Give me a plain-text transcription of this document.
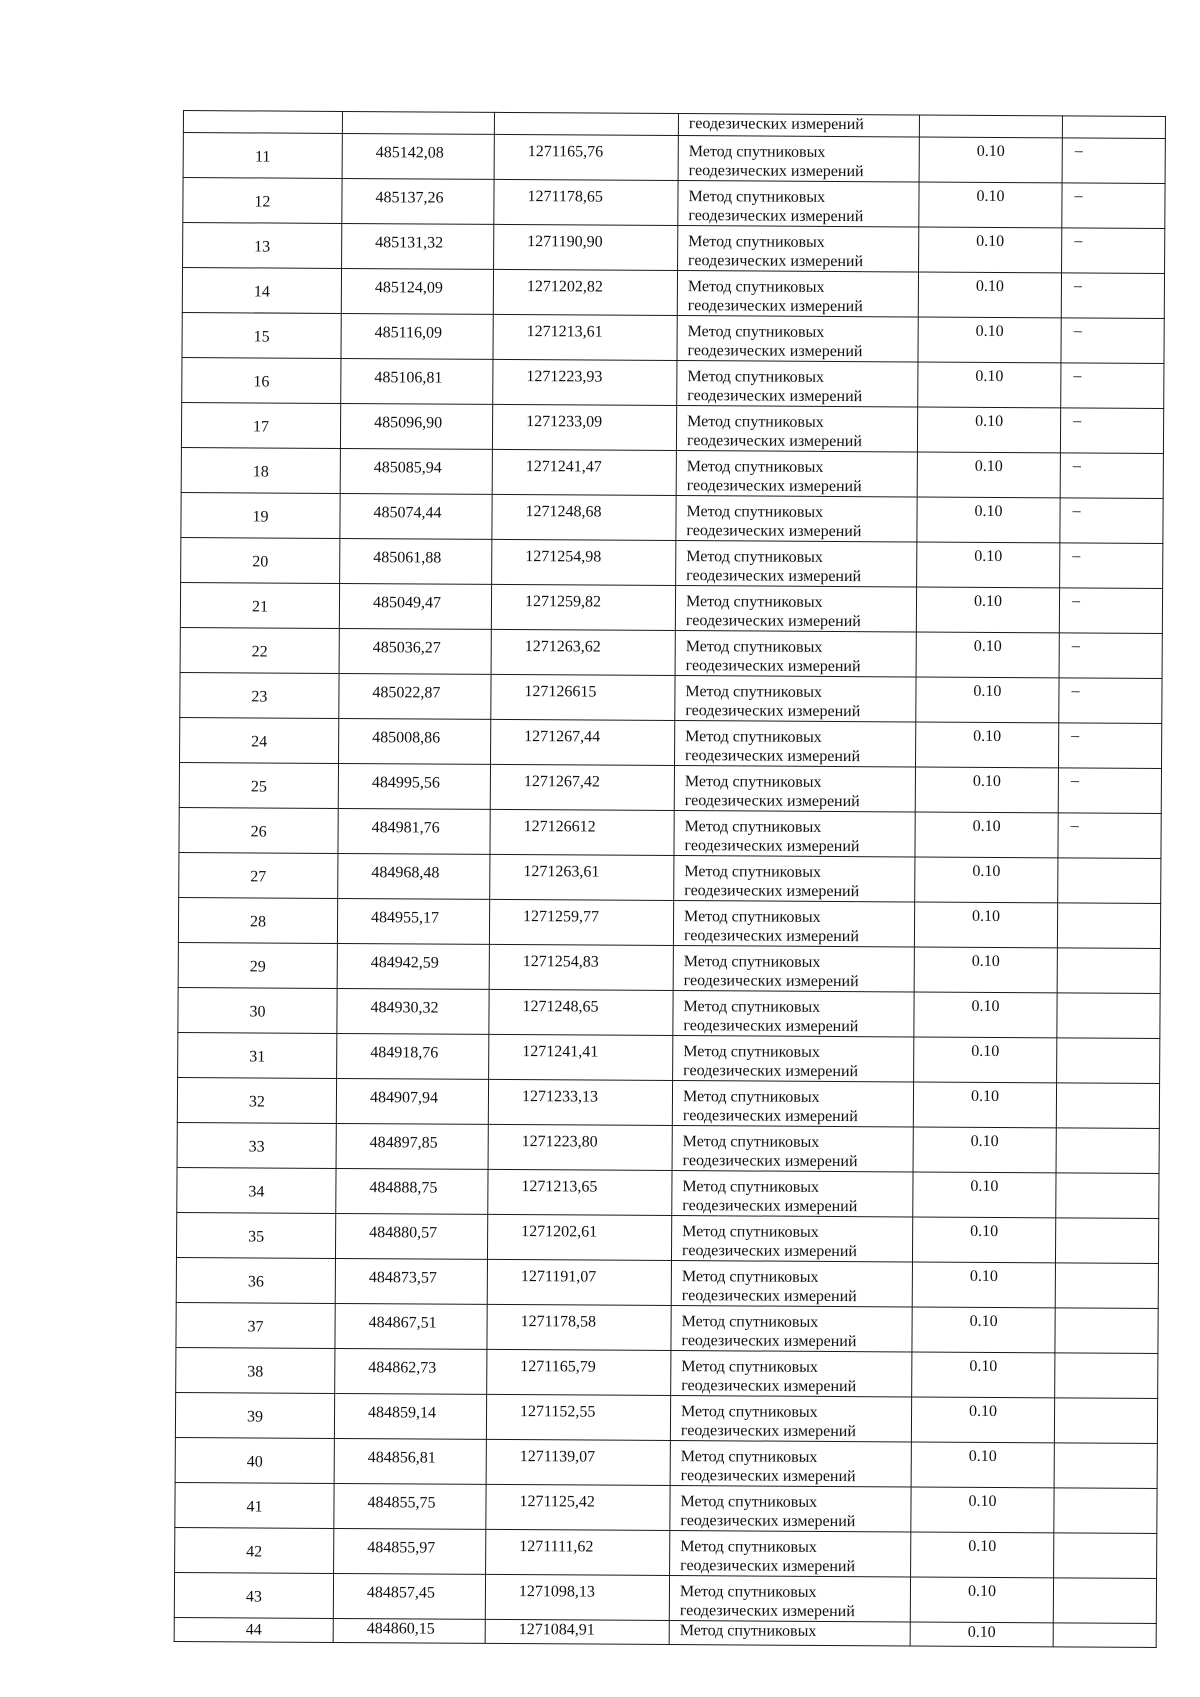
			геодезических измерений		

11	485142,08	1271165,76	Метод спутниковых
геодезических измерений	0.10	–
12	485137,26	1271178,65	Метод спутниковых
геодезических измерений	0.10	–
13	485131,32	1271190,90	Метод спутниковых
геодезических измерений	0.10	–
14	485124,09	1271202,82	Метод спутниковых
геодезических измерений	0.10	–
15	485116,09	1271213,61	Метод спутниковых
геодезических измерений	0.10	–
16	485106,81	1271223,93	Метод спутниковых
геодезических измерений	0.10	–
17	485096,90	1271233,09	Метод спутниковых
геодезических измерений	0.10	–
18	485085,94	1271241,47	Метод спутниковых
геодезических измерений	0.10	–
19	485074,44	1271248,68	Метод спутниковых
геодезических измерений	0.10	–
20	485061,88	1271254,98	Метод спутниковых
геодезических измерений	0.10	–
21	485049,47	1271259,82	Метод спутниковых
геодезических измерений	0.10	–
22	485036,27	1271263,62	Метод спутниковых
геодезических измерений	0.10	–
23	485022,87	127126615	Метод спутниковых
геодезических измерений	0.10	–
24	485008,86	1271267,44	Метод спутниковых
геодезических измерений	0.10	–
25	484995,56	1271267,42	Метод спутниковых
геодезических измерений	0.10	–
26	484981,76	127126612	Метод спутниковых
геодезических измерений	0.10	–
27	484968,48	1271263,61	Метод спутниковых
геодезических измерений	0.10	
28	484955,17	1271259,77	Метод спутниковых
геодезических измерений	0.10	
29	484942,59	1271254,83	Метод спутниковых
геодезических измерений	0.10	
30	484930,32	1271248,65	Метод спутниковых
геодезических измерений	0.10	
31	484918,76	1271241,41	Метод спутниковых
геодезических измерений	0.10	
32	484907,94	1271233,13	Метод спутниковых
геодезических измерений	0.10	
33	484897,85	1271223,80	Метод спутниковых
геодезических измерений	0.10	
34	484888,75	1271213,65	Метод спутниковых
геодезических измерений	0.10	
35	484880,57	1271202,61	Метод спутниковых
геодезических измерений	0.10	
36	484873,57	1271191,07	Метод спутниковых
геодезических измерений	0.10	
37	484867,51	1271178,58	Метод спутниковых
геодезических измерений	0.10	
38	484862,73	1271165,79	Метод спутниковых
геодезических измерений	0.10	
39	484859,14	1271152,55	Метод спутниковых
геодезических измерений	0.10	
40	484856,81	1271139,07	Метод спутниковых
геодезических измерений	0.10	
41	484855,75	1271125,42	Метод спутниковых
геодезических измерений	0.10	
42	484855,97	1271111,62	Метод спутниковых
геодезических измерений	0.10	
43	484857,45	1271098,13	Метод спутниковых
геодезических измерений	0.10	
44	484860,15	1271084,91	Метод спутниковых	0.10	
